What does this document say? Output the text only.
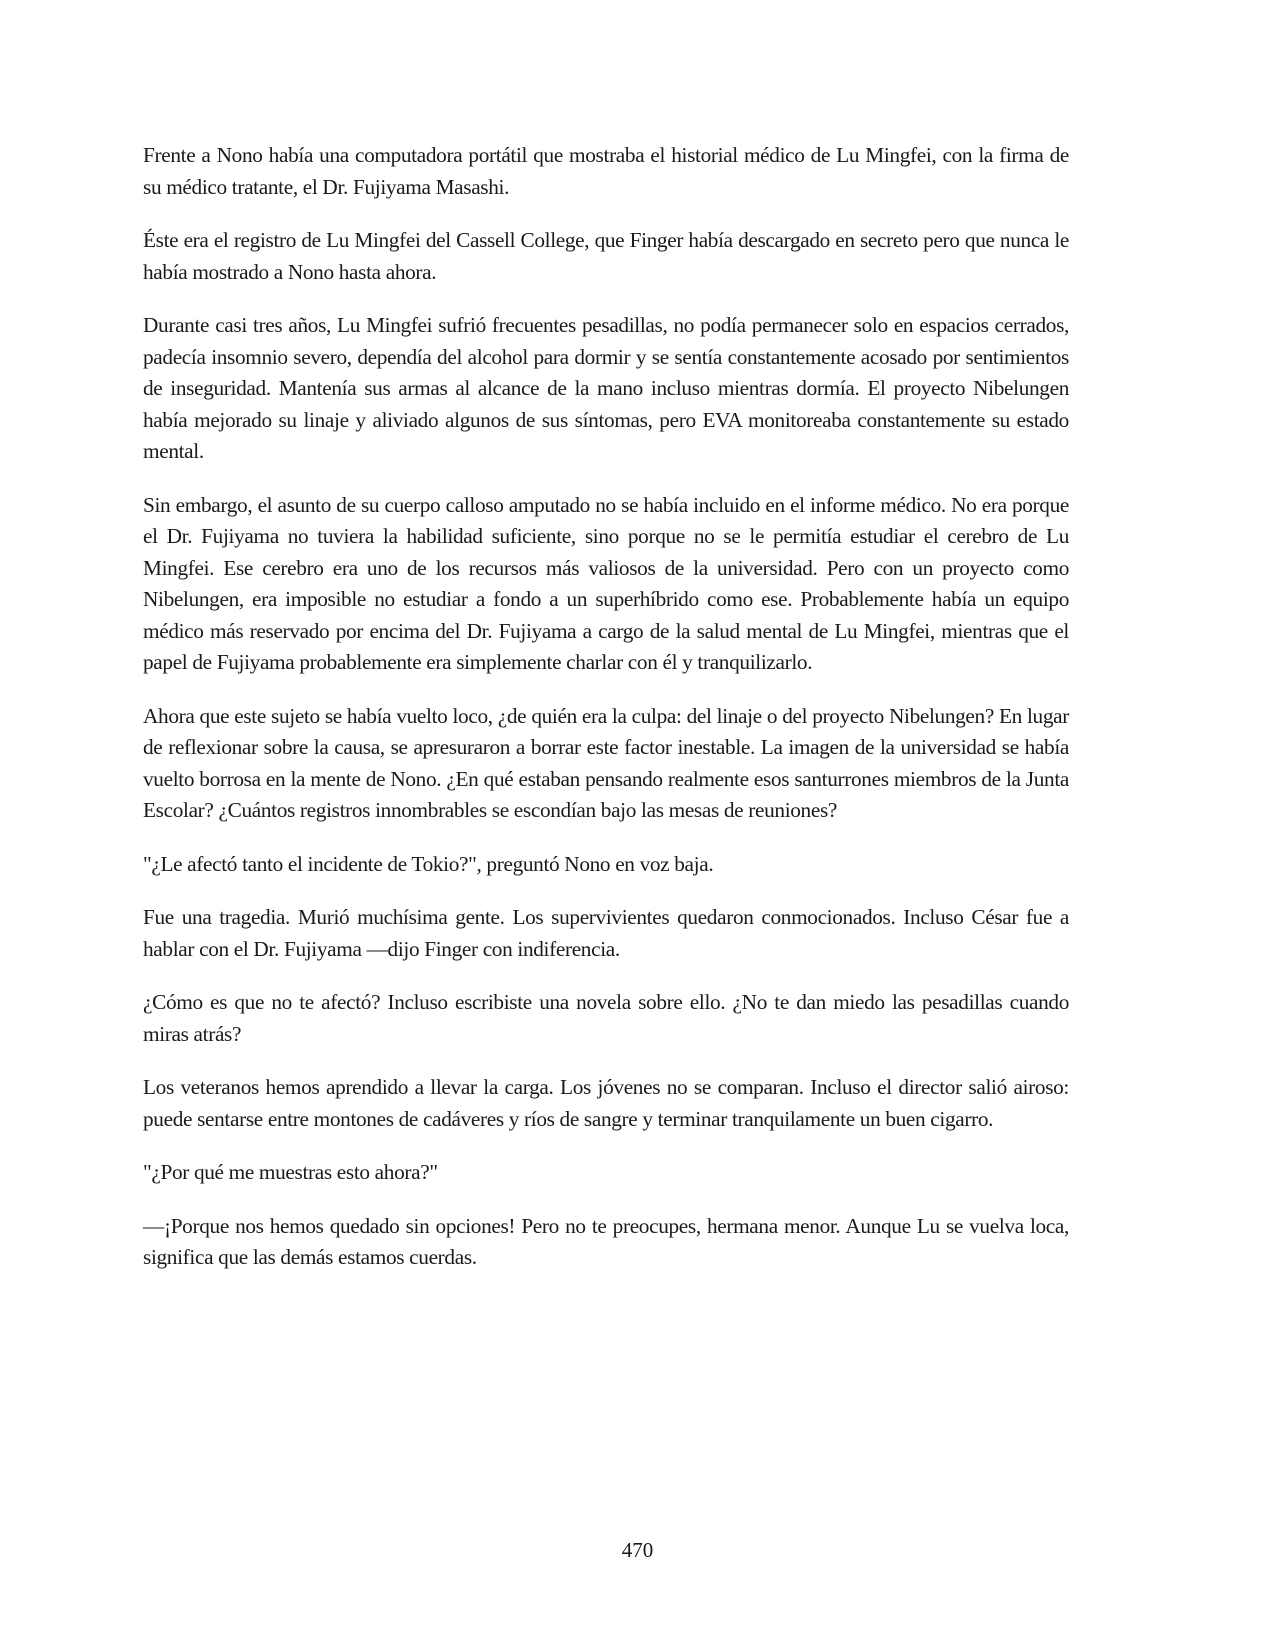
Frente a Nono había una computadora portátil que mostraba el historial médico de Lu Mingfei, con la firma de su médico tratante, el Dr. Fujiyama Masashi.

Éste era el registro de Lu Mingfei del Cassell College, que Finger había descargado en secreto pero que nunca le había mostrado a Nono hasta ahora.

Durante casi tres años, Lu Mingfei sufrió frecuentes pesadillas, no podía permanecer solo en espacios cerrados, padecía insomnio severo, dependía del alcohol para dormir y se sentía constantemente acosado por sentimientos de inseguridad. Mantenía sus armas al alcance de la mano incluso mientras dormía. El proyecto Nibelungen había mejorado su linaje y aliviado algunos de sus síntomas, pero EVA monitoreaba constantemente su estado mental.

Sin embargo, el asunto de su cuerpo calloso amputado no se había incluido en el informe médico. No era porque el Dr. Fujiyama no tuviera la habilidad suficiente, sino porque no se le permitía estudiar el cerebro de Lu Mingfei. Ese cerebro era uno de los recursos más valiosos de la universidad. Pero con un proyecto como Nibelungen, era imposible no estudiar a fondo a un superhíbrido como ese. Probablemente había un equipo médico más reservado por encima del Dr. Fujiyama a cargo de la salud mental de Lu Mingfei, mientras que el papel de Fujiyama probablemente era simplemente charlar con él y tranquilizarlo.

Ahora que este sujeto se había vuelto loco, ¿de quién era la culpa: del linaje o del proyecto Nibelungen? En lugar de reflexionar sobre la causa, se apresuraron a borrar este factor inestable. La imagen de la universidad se había vuelto borrosa en la mente de Nono. ¿En qué estaban pensando realmente esos santurrones miembros de la Junta Escolar? ¿Cuántos registros innombrables se escondían bajo las mesas de reuniones?

"¿Le afectó tanto el incidente de Tokio?", preguntó Nono en voz baja.

Fue una tragedia. Murió muchísima gente. Los supervivientes quedaron conmocionados. Incluso César fue a hablar con el Dr. Fujiyama —dijo Finger con indiferencia.

¿Cómo es que no te afectó? Incluso escribiste una novela sobre ello. ¿No te dan miedo las pesadillas cuando miras atrás?

Los veteranos hemos aprendido a llevar la carga. Los jóvenes no se comparan. Incluso el director salió airoso: puede sentarse entre montones de cadáveres y ríos de sangre y terminar tranquilamente un buen cigarro.

"¿Por qué me muestras esto ahora?"

—¡Porque nos hemos quedado sin opciones! Pero no te preocupes, hermana menor. Aunque Lu se vuelva loca, significa que las demás estamos cuerdas.

470
